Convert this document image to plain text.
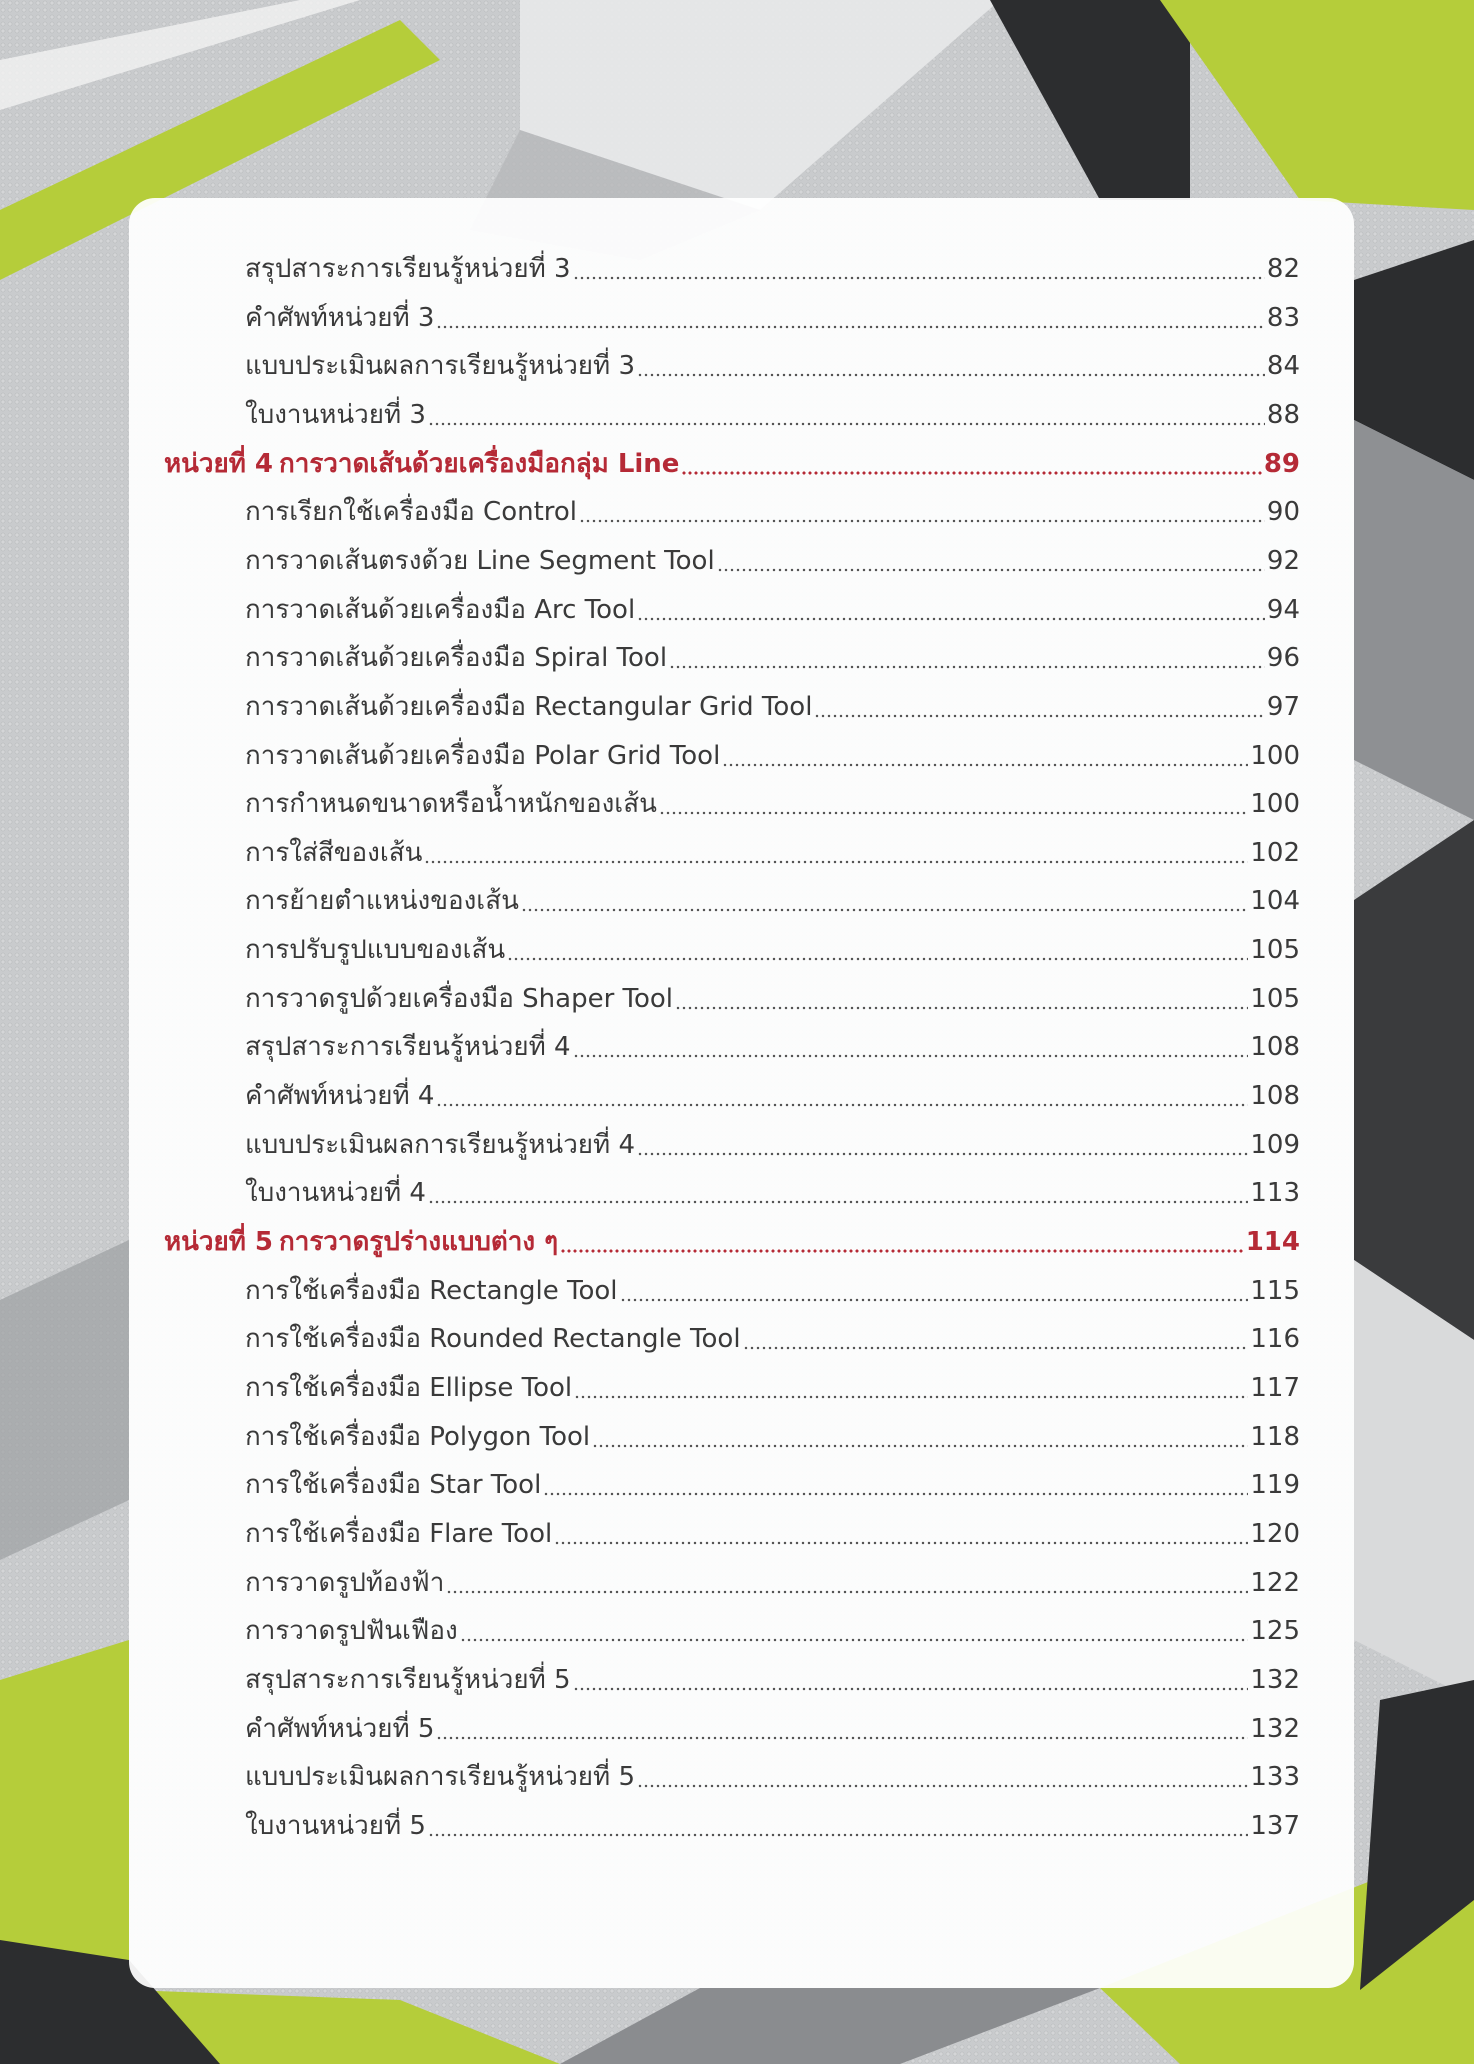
สรุปสาระการเรียนรู้หน่วยที่ 3	82
คำศัพท์หน่วยที่ 3	83
แบบประเมินผลการเรียนรู้หน่วยที่ 3	84
ใบงานหน่วยที่ 3	88
หน่วยที่ 4 การวาดเส้นด้วยเครื่องมือกลุ่ม Line	89
การเรียกใช้เครื่องมือ Control	90
การวาดเส้นตรงด้วย Line Segment Tool	92
การวาดเส้นด้วยเครื่องมือ Arc Tool	94
การวาดเส้นด้วยเครื่องมือ Spiral Tool	96
การวาดเส้นด้วยเครื่องมือ Rectangular Grid Tool	97
การวาดเส้นด้วยเครื่องมือ Polar Grid Tool	100
การกำหนดขนาดหรือน้ำหนักของเส้น	100
การใส่สีของเส้น	102
การย้ายตำแหน่งของเส้น	104
การปรับรูปแบบของเส้น	105
การวาดรูปด้วยเครื่องมือ Shaper Tool	105
สรุปสาระการเรียนรู้หน่วยที่ 4	108
คำศัพท์หน่วยที่ 4	108
แบบประเมินผลการเรียนรู้หน่วยที่ 4	109
ใบงานหน่วยที่ 4	113
หน่วยที่ 5 การวาดรูปร่างแบบต่าง ๆ	114
การใช้เครื่องมือ Rectangle Tool	115
การใช้เครื่องมือ Rounded Rectangle Tool	116
การใช้เครื่องมือ Ellipse Tool	117
การใช้เครื่องมือ Polygon Tool	118
การใช้เครื่องมือ Star Tool	119
การใช้เครื่องมือ Flare Tool	120
การวาดรูปท้องฟ้า	122
การวาดรูปฟันเฟือง	125
สรุปสาระการเรียนรู้หน่วยที่ 5	132
คำศัพท์หน่วยที่ 5	132
แบบประเมินผลการเรียนรู้หน่วยที่ 5	133
ใบงานหน่วยที่ 5	137
